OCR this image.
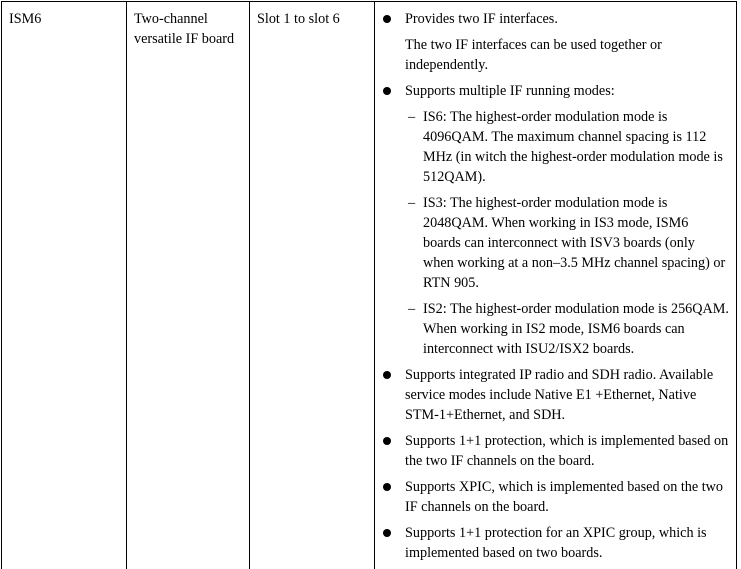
ISM6	Two-channel versatile IF board	Slot 1 to slot 6	Provides two IF interfaces.
The two IF interfaces can be used together or independently.
Supports multiple IF running modes:
– IS6: The highest-order modulation mode is 4096QAM. The maximum channel spacing is 112 MHz (in witch the highest-order modulation mode is 512QAM).
– IS3: The highest-order modulation mode is 2048QAM. When working in IS3 mode, ISM6 boards can interconnect with ISV3 boards (only when working at a non–3.5 MHz channel spacing) or RTN 905.
– IS2: The highest-order modulation mode is 256QAM. When working in IS2 mode, ISM6 boards can interconnect with ISU2/ISX2 boards.
Supports integrated IP radio and SDH radio. Available service modes include Native E1 +Ethernet, Native STM-1+Ethernet, and SDH.
Supports 1+1 protection, which is implemented based on the two IF channels on the board.
Supports XPIC, which is implemented based on the two IF channels on the board.
Supports 1+1 protection for an XPIC group, which is implemented based on two boards.
